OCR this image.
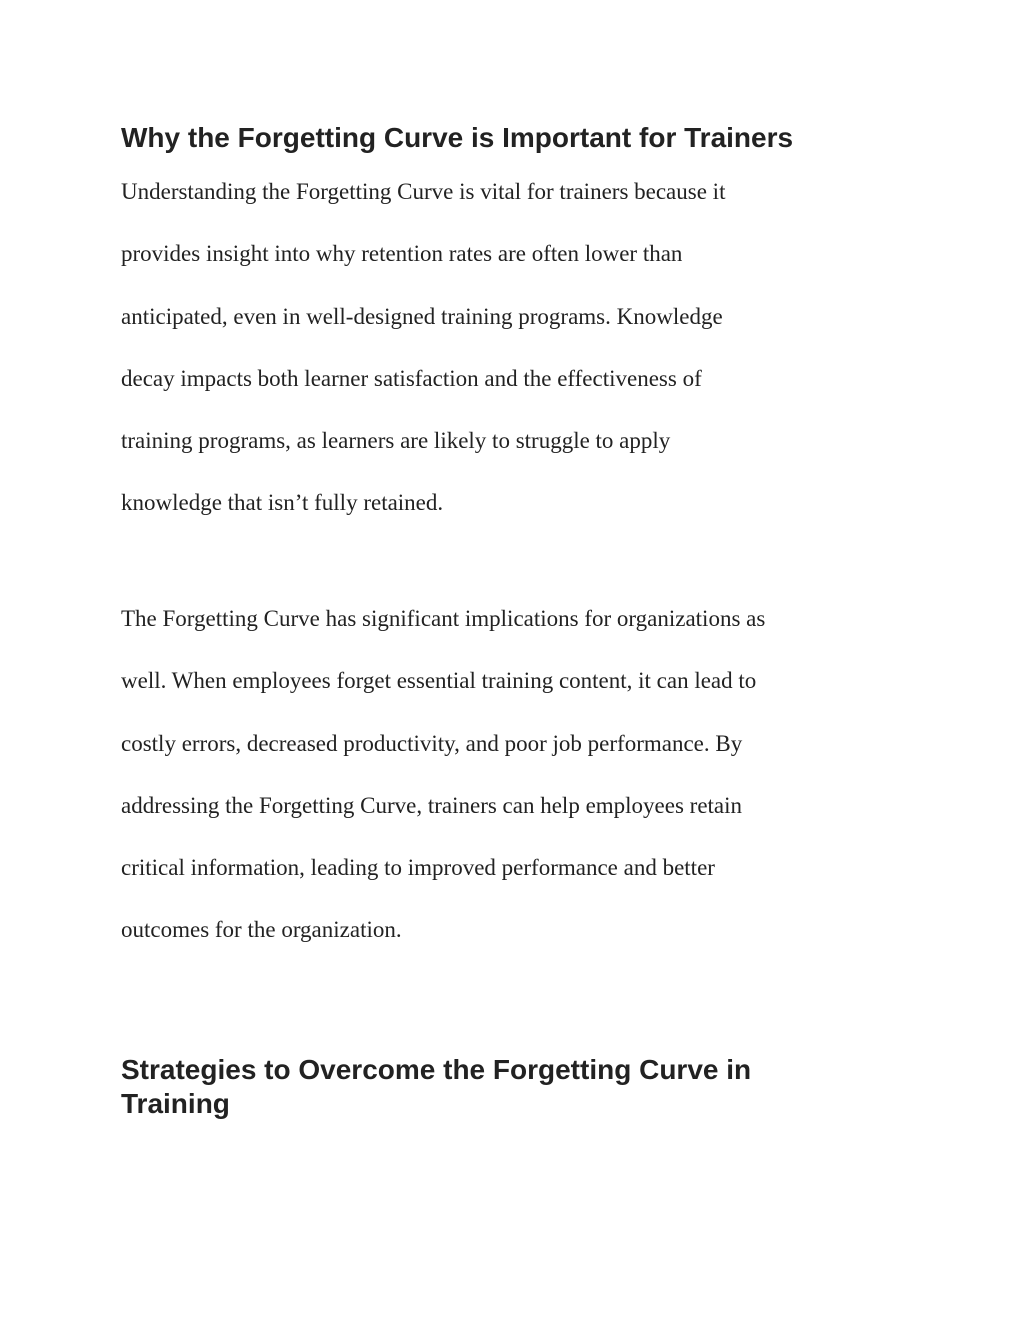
Why the Forgetting Curve is Important for Trainers

Understanding the Forgetting Curve is vital for trainers because it
provides insight into why retention rates are often lower than
anticipated, even in well-designed training programs. Knowledge
decay impacts both learner satisfaction and the effectiveness of
training programs, as learners are likely to struggle to apply
knowledge that isn’t fully retained.

The Forgetting Curve has significant implications for organizations as
well. When employees forget essential training content, it can lead to
costly errors, decreased productivity, and poor job performance. By
addressing the Forgetting Curve, trainers can help employees retain
critical information, leading to improved performance and better
outcomes for the organization.

Strategies to Overcome the Forgetting Curve in Training
